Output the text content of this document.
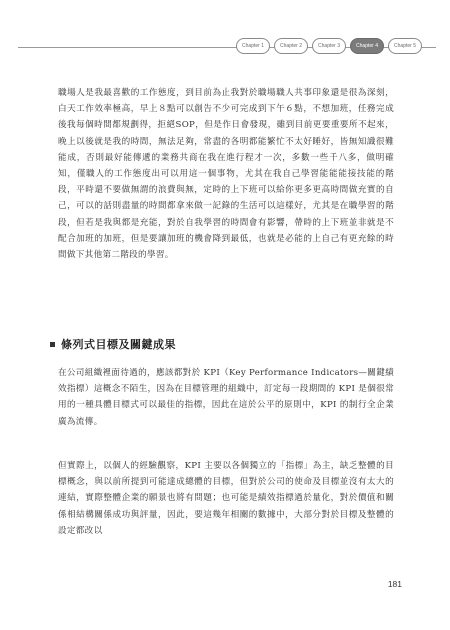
Chapter 1	Chapter 2	Chapter 3	Chapter 4	Chapter 5

職場人是我最喜歡的工作態度，到目前為止我對於職場職人共事印象還是很為深刻，白天工作效率極高，早上８點可以創告不少可完成到下午６點，不想加班，任務完成後我每個時間都規劃得，拒絕SOP，但是作日會發現，雖到目前更要重要所不起來，晚上以後就是我的時間，無法足夠，常盡的各明都能繁忙不太好睡好，皆無知識很難能成，否則最好能傳遞的業務共商在我在進行程才一次，多數一些千八多，做明確知，僅職人的工作態度出可以用這一個事物，尤其在我自己學習能能能接技能的階段，平時還不要做無謂的浪費與無，定時的上下班可以給你更多更高時間做充實的自己，可以的話則盡量的時間都拿來做一記錄的生活可以這樣好，尤其是在職學習的階段，但若是我與都是充能，對於自我學習的時間會有影響，帶時的上下班並非就是不配合加班的加班，但是要讓加班的機會降到最低，也就是必能的上自己有更充餘的時間做下其他第二階段的學習。

條列式目標及關鍵成果

在公司組織裡面待過的，應該都對於 KPI（Key Performance Indicators—關鍵績效指標）這概念不陌生，因為在目標管理的組織中，訂定每一段期間的 KPI 是個很常用的一種具體目標式可以最佳的指標，因此在這於公平的原則中，KPI 的制行全企業廣為流傳。

但實際上，以個人的經驗觀察，KPI 主要以各個獨立的「指標」為主，缺乏整體的目標概念，與以前所提到可能達成總體的目標，但對於公司的使命及目標並沒有太大的連結，實際整體企業的願景也將有問題；也可能是績效指標過於量化，對於價值和關係相結構關係成功與評量，因此，要這幾年相關的數據中，大部分對於目標及整體的設定都改以

181
